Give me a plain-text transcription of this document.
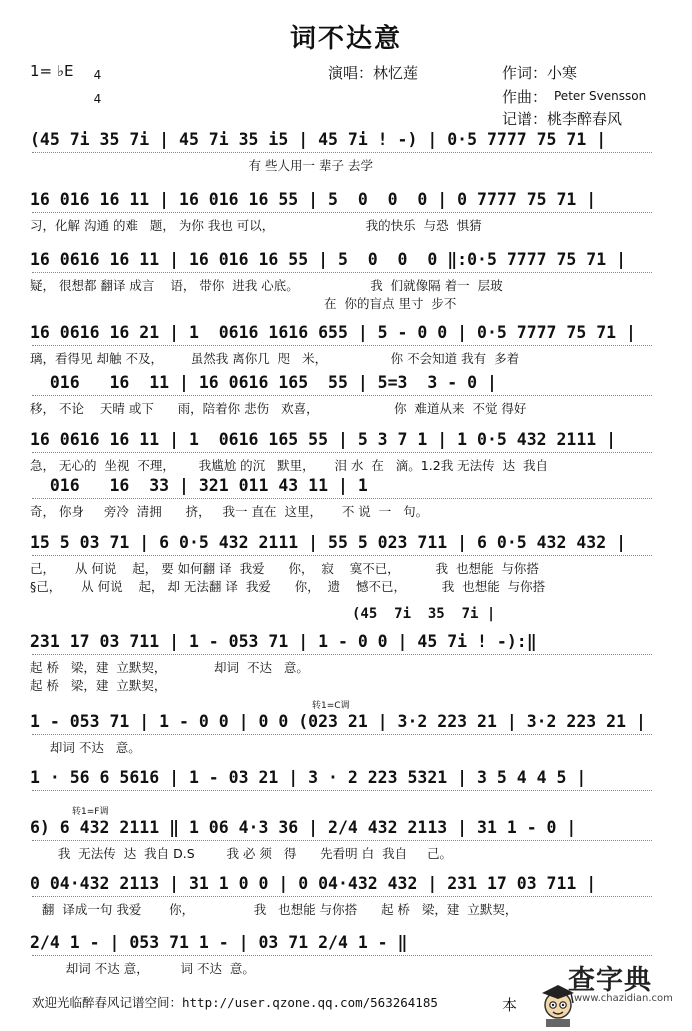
词不达意
1= ♭E	4

4

演唱：林忆莲	作词：小寒
作曲： Peter Svensson
记谱：桃李醉春风
(45 7i 35 7i | 45 7i 35 i5 | 45 7i ! -) | 0·5 7777 75 71 |
有 些人用一 辈子 去学
16 016 16 11 | 16 016 16 55 | 5  0  0  0 | 0 7777 75 71 |
习，化解 沟通 的难   题， 为你 我也 可以，                       我的快乐  与恐  惧猜
16 0616 16 11 | 16 016 16 55 | 5  0  0  0 ‖:0·5 7777 75 71 |
疑， 很想都 翻译 成言    语， 带你  进我 心底。                  我  们就像隔 着一  层玻
在  你的盲点 里寸  步不
16 0616 16 21 | 1  0616 1616 655 | 5 - 0 0 | 0·5 7777 75 71 |
璃，看得见 却触 不及，       虽然我 离你几  咫   米，                你 不会知道 我有  多着
016   16  11 | 16 0616 165  55 | 5=3  3 - 0 |
移， 不论    天晴 或下      雨，陪着你 悲伤   欢喜，                   你  难道从来  不觉 得好
16 0616 16 11 | 1  0616 165 55 | 5 3 7 1 | 1 0·5 432 2111 |
急， 无心的  坐视  不理，      我尴尬 的沉   默里，     泪 水  在   滴。1.2我 无法传  达  我自
016   16  33 | 321 011 43 11 | 1
奇， 你身     旁冷  清拥      挤，   我一 直在  这里，     不 说  一   句。
15 5 03 71 | 6 0·5 432 2111 | 55 5 023 711 | 6 0·5 432 432 |
己，     从 何说    起， 要 如何翻 译  我爱      你，  寂    寞不已，         我  也想能  与你搭
§己，     从 何说    起， 却 无法翻 译  我爱      你，  遗    憾不已，         我  也想能  与你搭
(45  7i  35  7i |
231 17 03 711 | 1 - 053 71 | 1 - 0 0 | 45 7i ! -):‖
起 桥   梁，建  立默契，            却词  不达   意。
起 桥   梁，建  立默契，
转1=C调
1 - 053 71 | 1 - 0 0 | 0 0 (023 21 | 3·2 223 21 | 3·2 223 21 |
却词 不达   意。
1 · 56 6 5616 | 1 - 03 21 | 3 · 2 223 5321 | 3 5 4 4 5 |
转1=F调
6) 6 432 2111 ‖ 1 06 4·3 36 | 2/4 432 2113 | 31 1 - 0 |
我  无法传  达  我自 D.S        我 必 须   得      先看明 白  我自     己。
0 04·432 2113 | 31 1 0 0 | 0 04·432 432 | 231 17 03 711 |
翻  译成一句 我爱       你，               我   也想能 与你搭      起 桥   梁，建  立默契，
2/4 1 - | 053 71 1 - | 03 71 2/4 1 - ‖
却词 不达 意，        词 不达  意。
欢迎光临醉春风记谱空间：http://user.qzone.qq.com/563264185	本

查字典
www.chazidian.com
